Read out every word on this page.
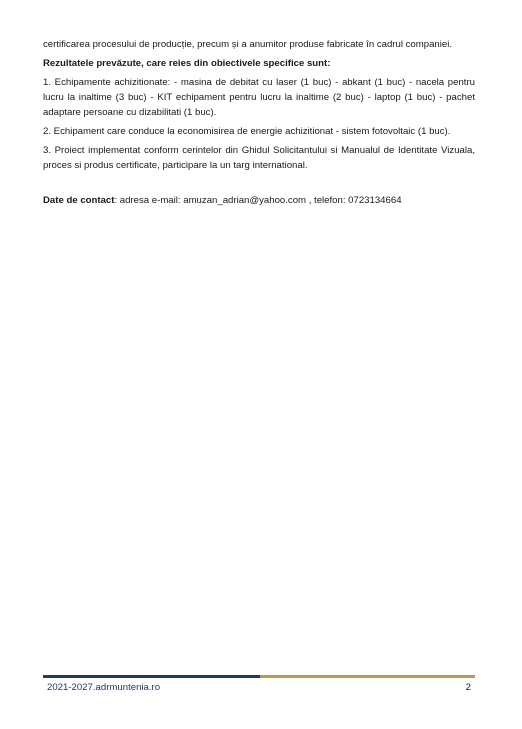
certificarea procesului de producție, precum și a anumitor produse fabricate în cadrul companiei.

Rezultatele prevăzute, care reies din obiectivele specifice sunt:

1. Echipamente achizitionate: - masina de debitat cu laser (1 buc) - abkant (1 buc) - nacela pentru lucru la inaltime (3 buc) - KIT echipament pentru lucru la inaltime (2 buc) - laptop (1 buc) - pachet adaptare persoane cu dizabilitati (1 buc).

2. Echipament care conduce la economisirea de energie achizitionat - sistem fotovoltaic (1 buc).

3. Proiect implementat conform cerintelor din Ghidul Solicitantului si Manualul de Identitate Vizuala, proces si produs certificate, participare la un targ international.

Date de contact: adresa e-mail: amuzan_adrian@yahoo.com , telefon: 0723134664

2021-2027.adrmuntenia.ro	2
